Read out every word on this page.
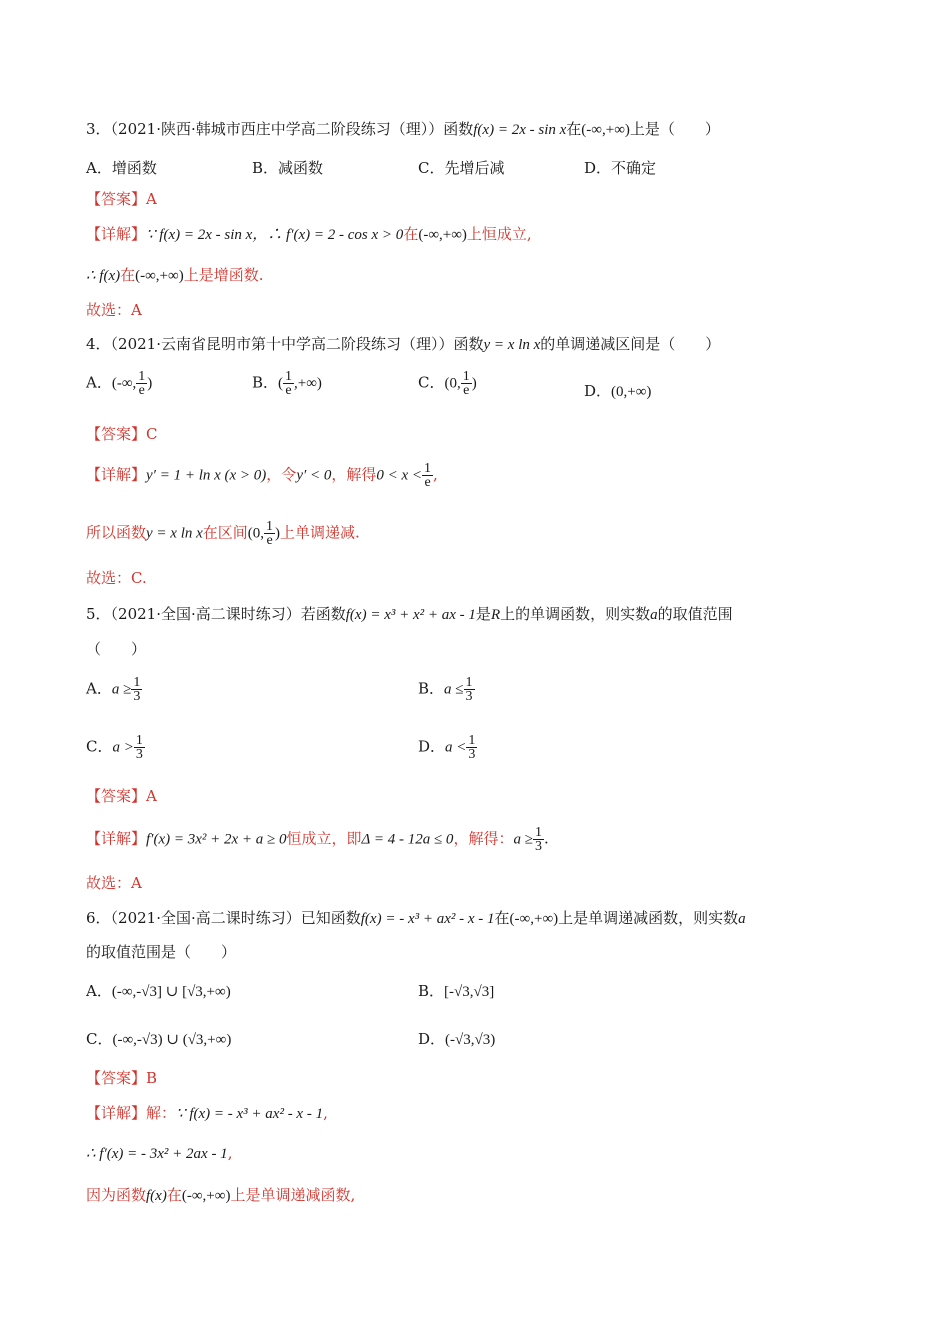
3．（2021·陕西·韩城市西庄中学高二阶段练习（理））函数f(x) = 2x - sin x在(-∞,+∞)上是（　　）
A．增函数	B．减函数	C．先增后减	D．不确定
【答案】A
【详解】∵ f(x) = 2x - sin x，∴ f′(x) = 2 - cos x > 0在(-∞,+∞)上恒成立,
∴ f(x)在(-∞,+∞)上是增函数.
故选：A
4．（2021·云南省昆明市第十中学高二阶段练习（理））函数y = x ln x的单调递减区间是（　　）
A．(-∞, $\frac{1}{e}$ )	B．( $\frac{1}{e}$ ,+∞)	C．(0, $\frac{1}{e}$ )	D．(0,+∞)
【答案】C
【详解】y′ = 1 + ln x (x > 0)，令y′ < 0，解得$0 < x < \frac{1}{e}$ ,
所以函数y = x ln x在区间(0, $\frac{1}{e}$ )上单调递减.
故选：C.
5．（2021·全国·高二课时练习）若函数f(x) = x³ + x² + ax - 1是R上的单调函数，则实数a的取值范围
（　　）
A．$a \ge \frac{1}{3}$	B．$a \le \frac{1}{3}$
C．$a > \frac{1}{3}$	D．$a < \frac{1}{3}$
【答案】A
【详解】f′(x) = 3x² + 2x + a ≥ 0恒成立，即Δ = 4 - 12a ≤ 0，解得：$a \ge \frac{1}{3}$ .
故选：A
6．（2021·全国·高二课时练习）已知函数f(x) = - x³ + ax² - x - 1在(-∞,+∞)上是单调递减函数，则实数a
的取值范围是（　　）
A．(-∞,-√3] ∪ [√3,+∞)	B．[-√3,√3]
C．(-∞,-√3) ∪ (√3,+∞)	D．(-√3,√3)
【答案】B
【详解】解：∵ f(x) = - x³ + ax² - x - 1,
∴ f′(x) = - 3x² + 2ax - 1,
因为函数f(x)在(-∞,+∞)上是单调递减函数,
